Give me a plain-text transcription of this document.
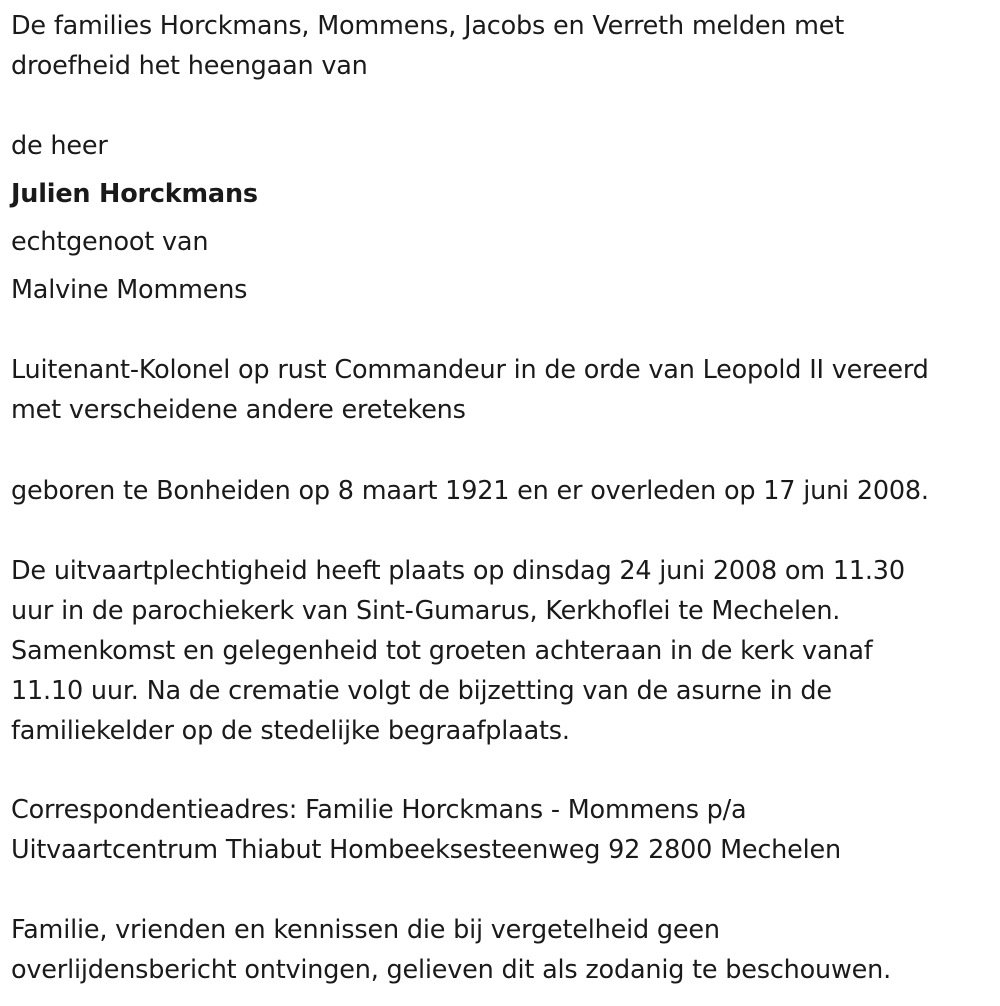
De families Horckmans, Mommens, Jacobs en Verreth melden met

droefheid het heengaan van

de heer

Julien Horckmans

echtgenoot van

Malvine Mommens

Luitenant-Kolonel op rust Commandeur in de orde van Leopold II vereerd

met verscheidene andere eretekens

geboren te Bonheiden op 8 maart 1921 en er overleden op 17 juni 2008.

De uitvaartplechtigheid heeft plaats op dinsdag 24 juni 2008 om 11.30

uur in de parochiekerk van Sint-Gumarus, Kerkhoflei te Mechelen.

Samenkomst en gelegenheid tot groeten achteraan in de kerk vanaf

11.10 uur. Na de crematie volgt de bijzetting van de asurne in de

familiekelder op de stedelijke begraafplaats.

Correspondentieadres: Familie Horckmans - Mommens p/a

Uitvaartcentrum Thiabut Hombeeksesteenweg 92 2800 Mechelen

Familie, vrienden en kennissen die bij vergetelheid geen

overlijdensbericht ontvingen, gelieven dit als zodanig te beschouwen.
